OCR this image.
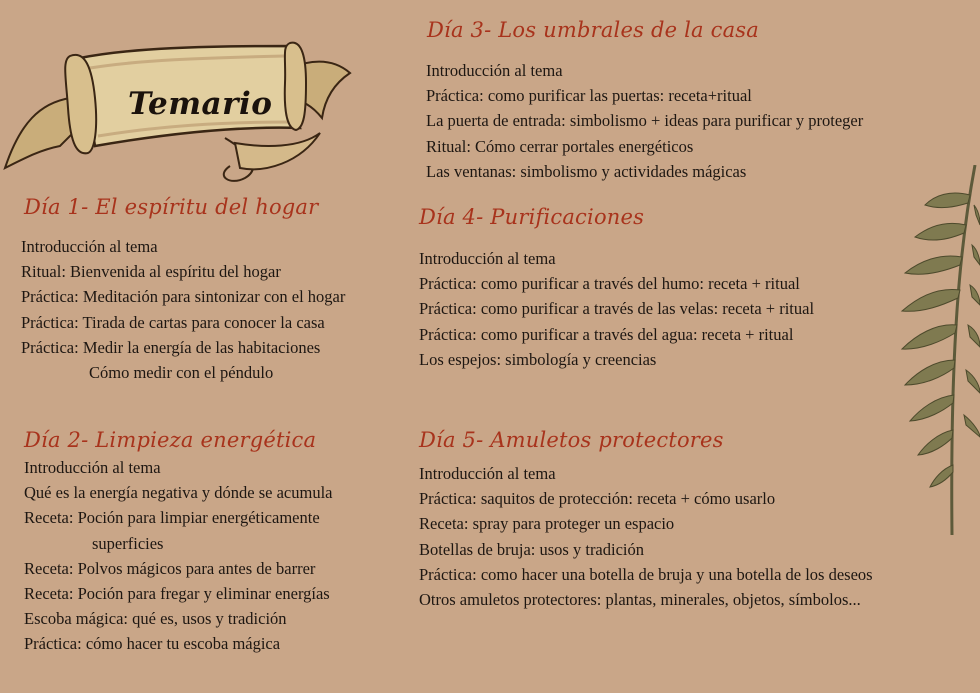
Temario
Día 1- El espíritu del hogar
Introducción al tema
Ritual: Bienvenida al espíritu del hogar
Práctica: Meditación para sintonizar con el hogar
Práctica: Tirada de cartas para conocer la casa
Práctica: Medir la energía de las habitaciones
Cómo medir con el péndulo
Día 2- Limpieza energética
Introducción al tema
Qué es la energía negativa y dónde se acumula
Receta: Poción para limpiar energéticamente
superficies
Receta: Polvos mágicos para antes de barrer
Receta: Poción para fregar y eliminar energías
Escoba mágica: qué es, usos y tradición
Práctica: cómo hacer tu escoba mágica
Día 3- Los umbrales de la casa
Introducción al tema
Práctica: como purificar las puertas: receta+ritual
La puerta de entrada: simbolismo + ideas para purificar y proteger
Ritual: Cómo cerrar portales energéticos
Las ventanas: simbolismo y actividades mágicas
Día 4- Purificaciones
Introducción al tema
Práctica: como purificar a través del humo: receta + ritual
Práctica: como purificar a través de las velas: receta + ritual
Práctica: como purificar a través del agua: receta + ritual
Los espejos: simbología y creencias
Día 5- Amuletos protectores
Introducción al tema
Práctica: saquitos de protección: receta + cómo usarlo
Receta: spray para proteger un espacio
Botellas de bruja: usos y tradición
Práctica: como hacer una botella de bruja y una botella de los deseos
Otros amuletos protectores: plantas, minerales, objetos, símbolos...
